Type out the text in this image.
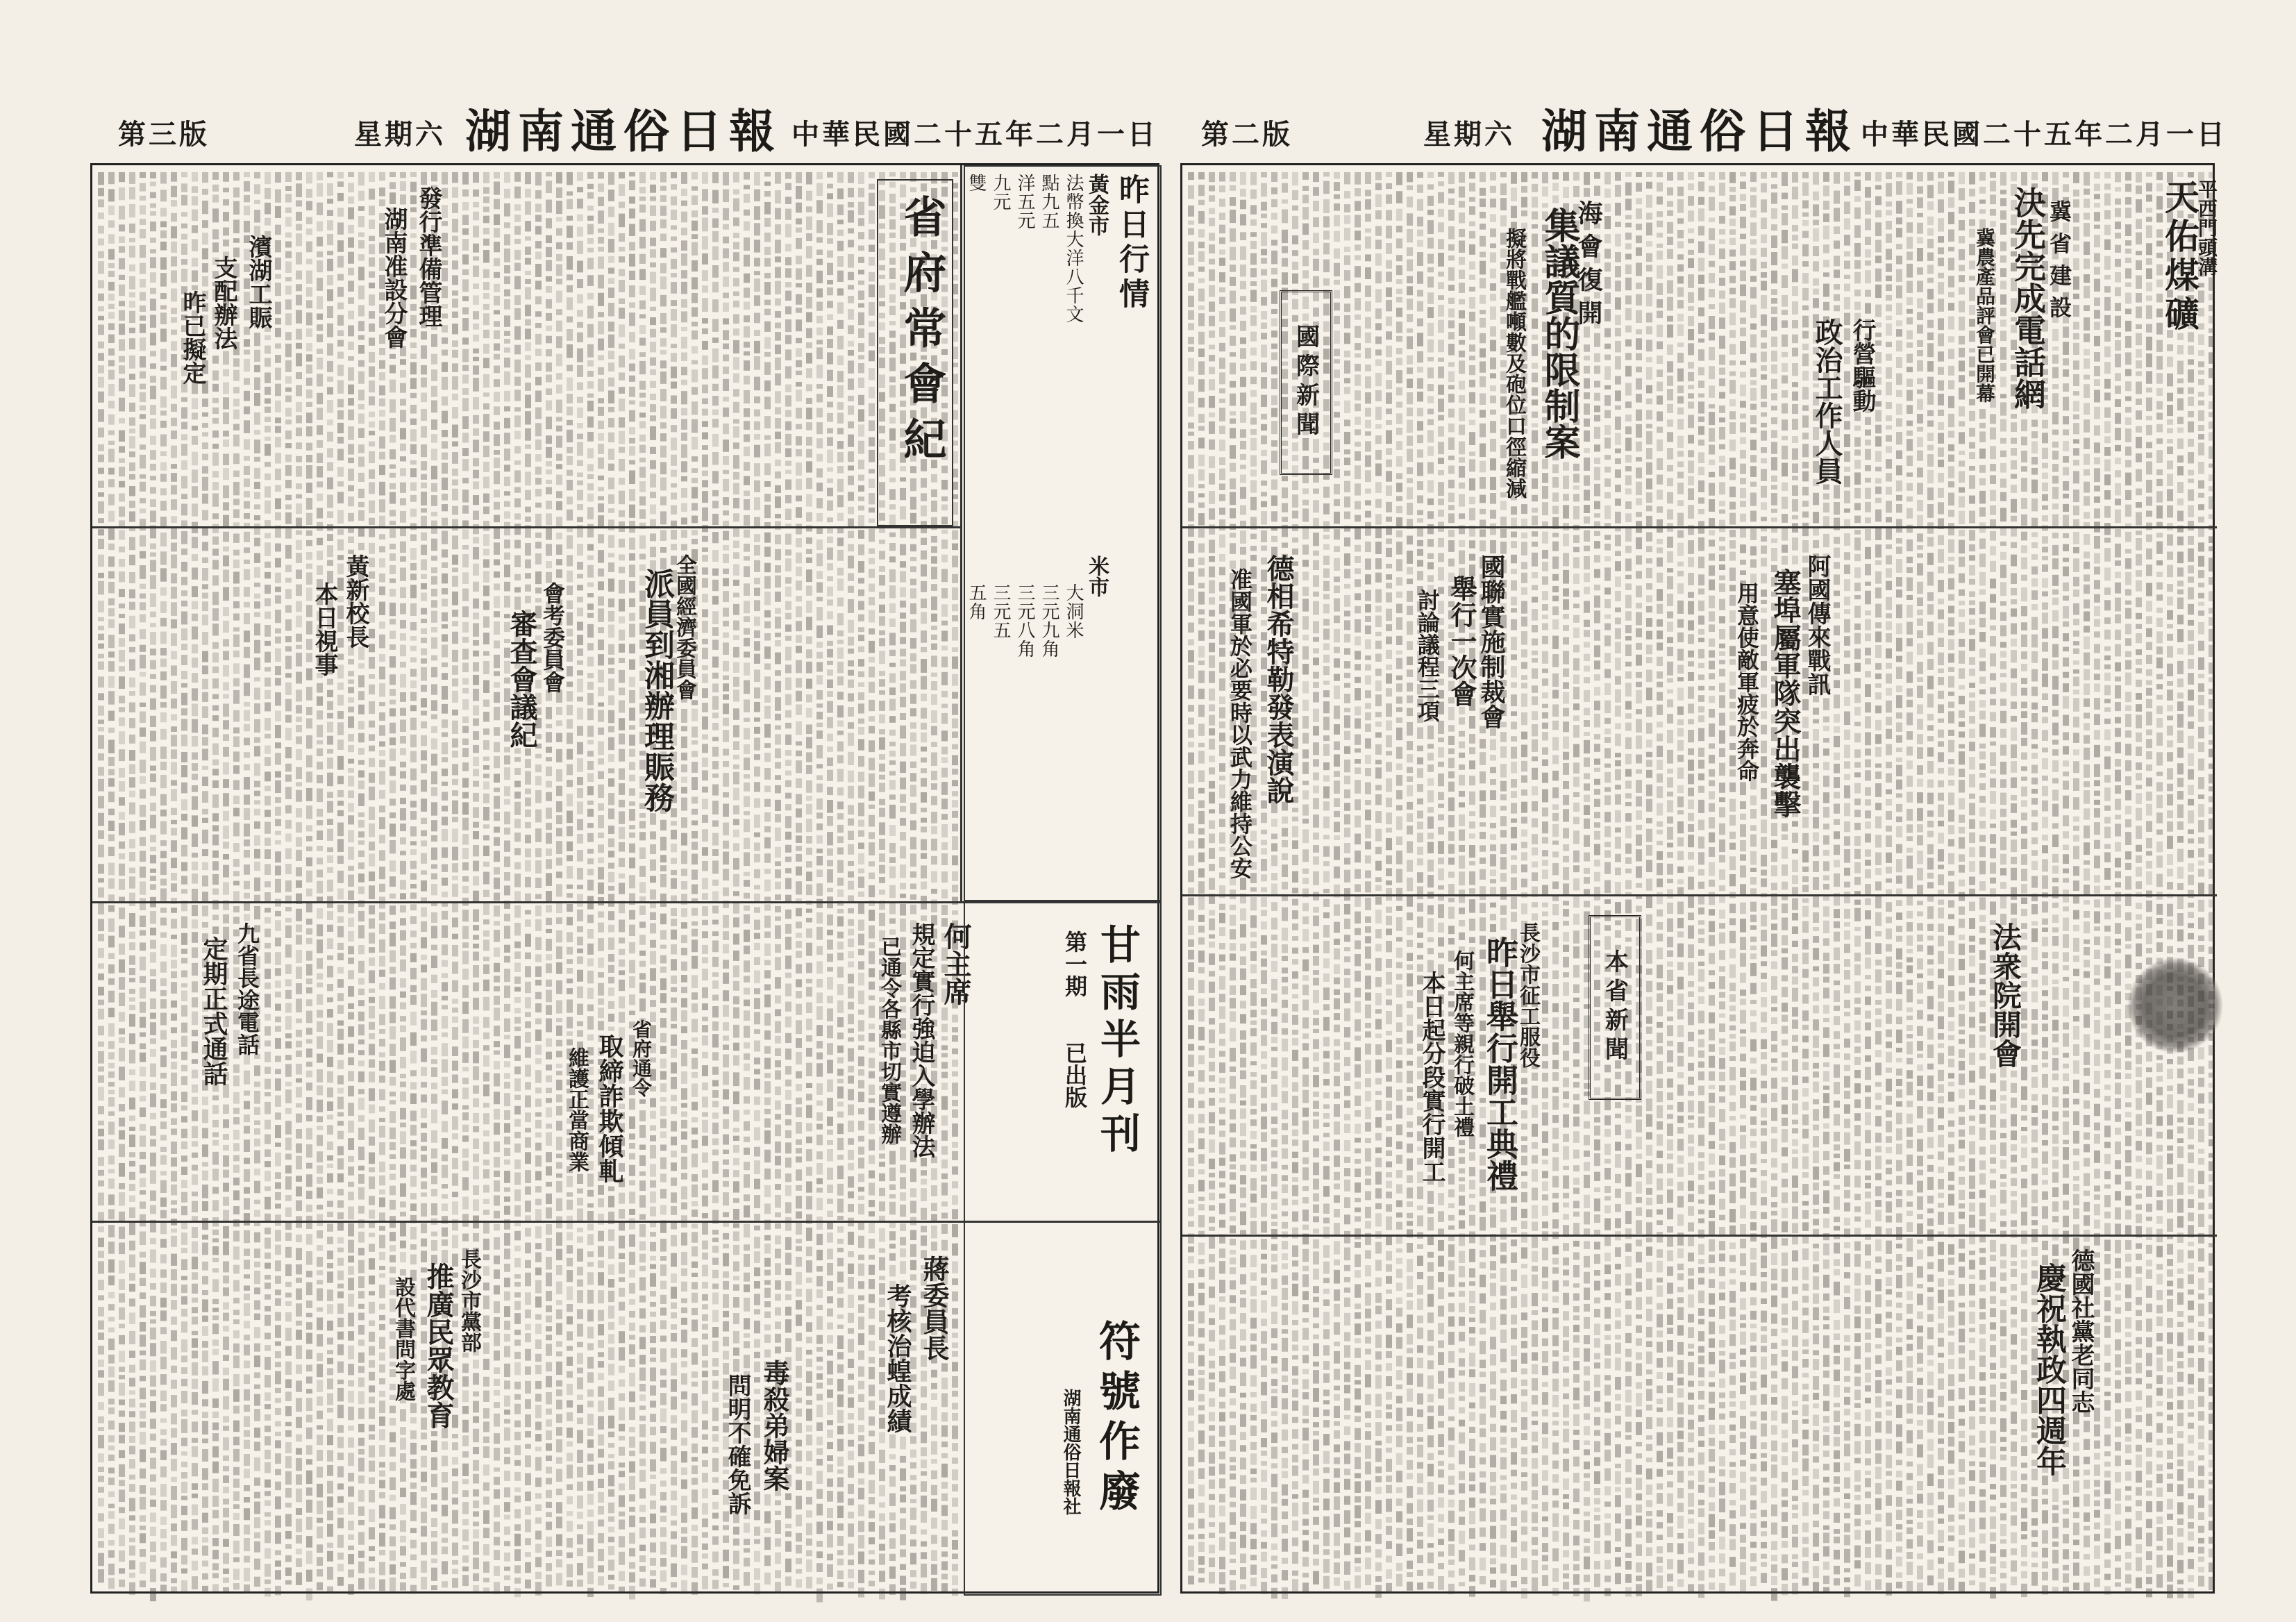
第三版	星期六 湖南通俗日報 中華民國二十五年二月一日 第二版	星期六 湖南通俗日報 中華民國二十五年二月一日
昨日行情
黃金市
米市
法幣換大洋八千文
點九五
洋五元
九元
雙
大洞米
三元九角
三元八角
三元五
五角
省府常會紀
發行準備管理
湖南准設分會
黃新校長
本日視事	全國經濟委員會
派員到湘辦理賑務
會考委員會
審查會議紀
規定實行強迫入學辦法 何主席
已通令各縣市切實遵辦
九省長途電話
定期正式通話
長沙市黨部
推廣民眾教育
設代書問字處
省府通令
取締詐欺傾軋
維護正當商業
毒殺弟婦案
問明不確免訴
蔣委員長
考核治蝗成績
濱湖工賑
支配辦法
昨已擬定
甘雨半月刊
第一期
已出版
符號作廢
湖南通俗日報社
國際新聞
本省新聞
天佑煤礦
平西門頭溝
冀省建設
決先完成電話網
冀農產品評會已開幕
行營驅動
政治工作人員
海會復開
集議質的限制案
擬將戰艦噸數及砲位口徑縮減
阿國傳來戰訊
塞埠屬軍隊突出襲擊
用意使敵軍疲於奔命
國聯實施制裁會
舉行一次會
討論議程三項
德相希特勒發表演說
准國軍於必要時以武力維持公安
法衆院開會
德國社黨老同志
慶祝執政四週年
長沙市征工服役
昨日舉行開工典禮
何主席等親行破土禮
本日起分段實行開工
